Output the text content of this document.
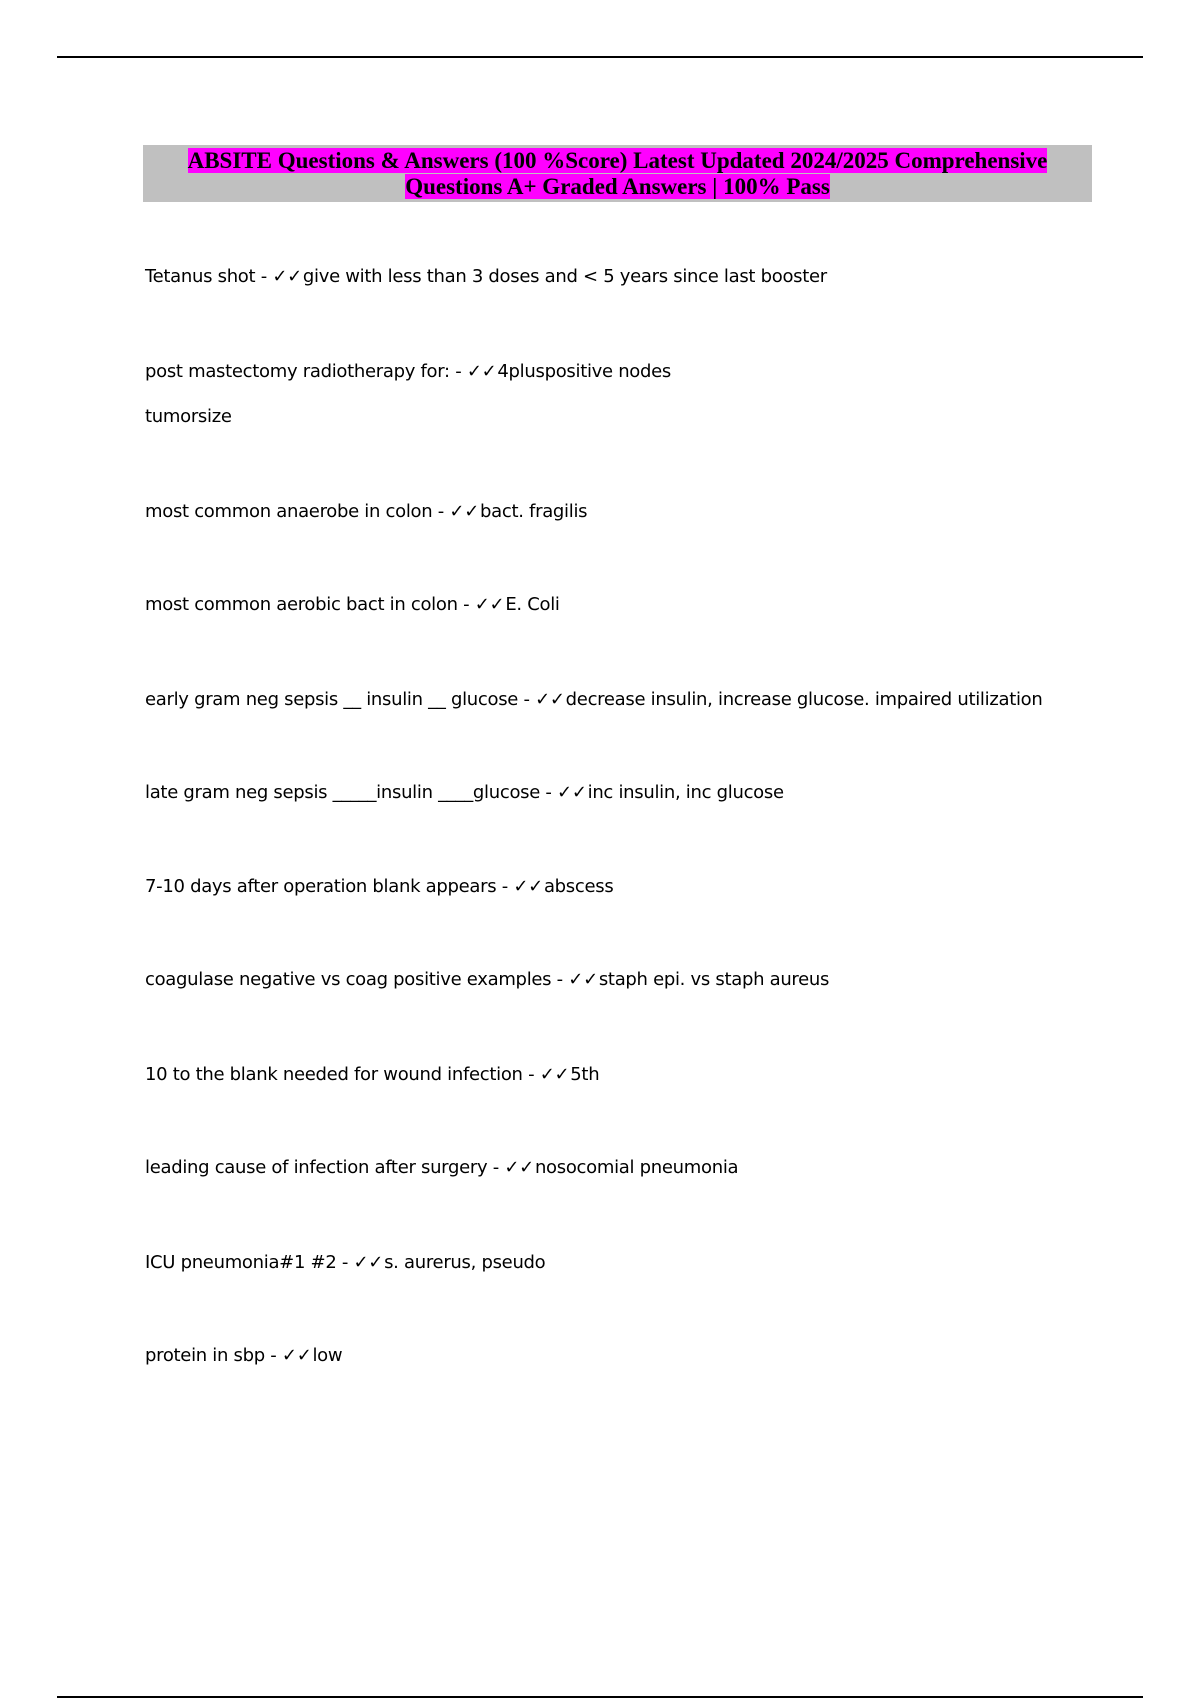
ABSITE Questions & Answers (100 %Score) Latest Updated 2024/2025 Comprehensive
Questions A+ Graded Answers | 100% Pass
Tetanus shot - ✓✓give with less than 3 doses and < 5 years since last booster
post mastectomy radiotherapy for: - ✓✓4pluspositive nodes
tumorsize
most common anaerobe in colon - ✓✓bact. fragilis
most common aerobic bact in colon - ✓✓E. Coli
early gram neg sepsis __ insulin __ glucose - ✓✓decrease insulin, increase glucose. impaired utilization
late gram neg sepsis _____insulin ____glucose - ✓✓inc insulin, inc glucose
7-10 days after operation blank appears - ✓✓abscess
coagulase negative vs coag positive examples - ✓✓staph epi. vs staph aureus
10 to the blank needed for wound infection - ✓✓5th
leading cause of infection after surgery - ✓✓nosocomial pneumonia
ICU pneumonia#1 #2 - ✓✓s. aurerus, pseudo
protein in sbp - ✓✓low
